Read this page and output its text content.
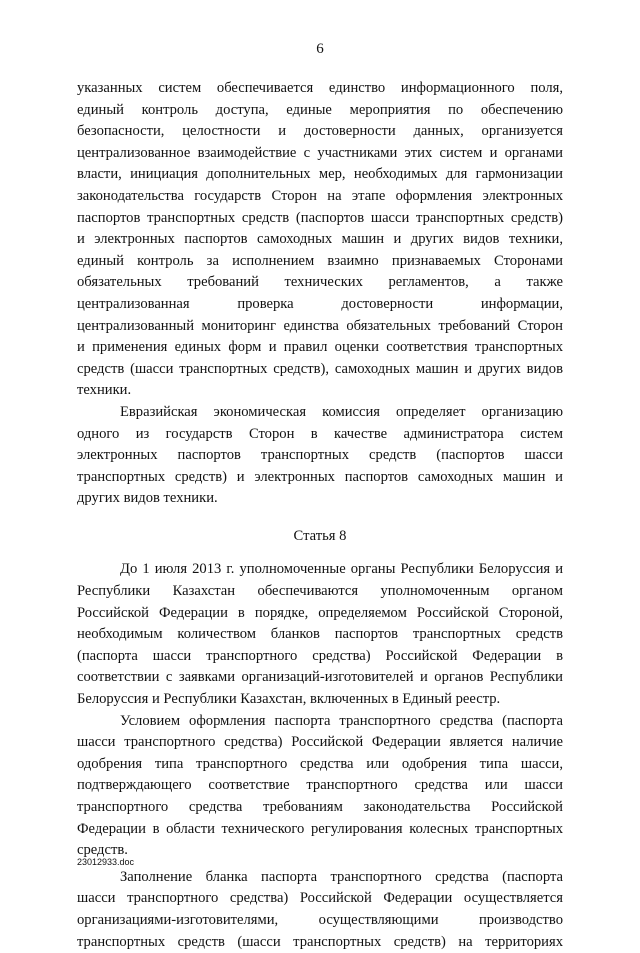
6

указанных систем обеспечивается единство информационного поля,
единый контроль доступа, единые мероприятия по обеспечению
безопасности, целостности и достоверности данных, организуется
централизованное взаимодействие с участниками этих систем и органами
власти, инициация дополнительных мер, необходимых для гармонизации
законодательства государств Сторон на этапе оформления электронных
паспортов транспортных средств (паспортов шасси транспортных средств)
и электронных паспортов самоходных машин и других видов техники,
единый контроль за исполнением взаимно признаваемых Сторонами
обязательных требований технических регламентов, а также
централизованная проверка достоверности информации,
централизованный мониторинг единства обязательных требований Сторон
и применения единых форм и правил оценки соответствия транспортных
средств (шасси транспортных средств), самоходных машин и других видов
техники.

Евразийская экономическая комиссия определяет организацию
одного из государств Сторон в качестве администратора систем
электронных паспортов транспортных средств (паспортов шасси
транспортных средств) и электронных паспортов самоходных машин и
других видов техники.

Статья 8

До 1 июля 2013 г. уполномоченные органы Республики Белоруссия и
Республики Казахстан обеспечиваются уполномоченным органом
Российской Федерации в порядке, определяемом Российской Стороной,
необходимым количеством бланков паспортов транспортных средств
(паспорта шасси транспортного средства) Российской Федерации в
соответствии с заявками организаций-изготовителей и органов Республики
Белоруссия и Республики Казахстан, включенных в Единый реестр.

Условием оформления паспорта транспортного средства (паспорта
шасси транспортного средства) Российской Федерации является наличие
одобрения типа транспортного средства или одобрения типа шасси,
подтверждающего соответствие транспортного средства или шасси
транспортного средства требованиям законодательства Российской
Федерации в области технического регулирования колесных транспортных
средств.

Заполнение бланка паспорта транспортного средства (паспорта
шасси транспортного средства) Российской Федерации осуществляется
организациями-изготовителями, осуществляющими производство
транспортных средств (шасси транспортных средств) на территориях

23012933.doc
